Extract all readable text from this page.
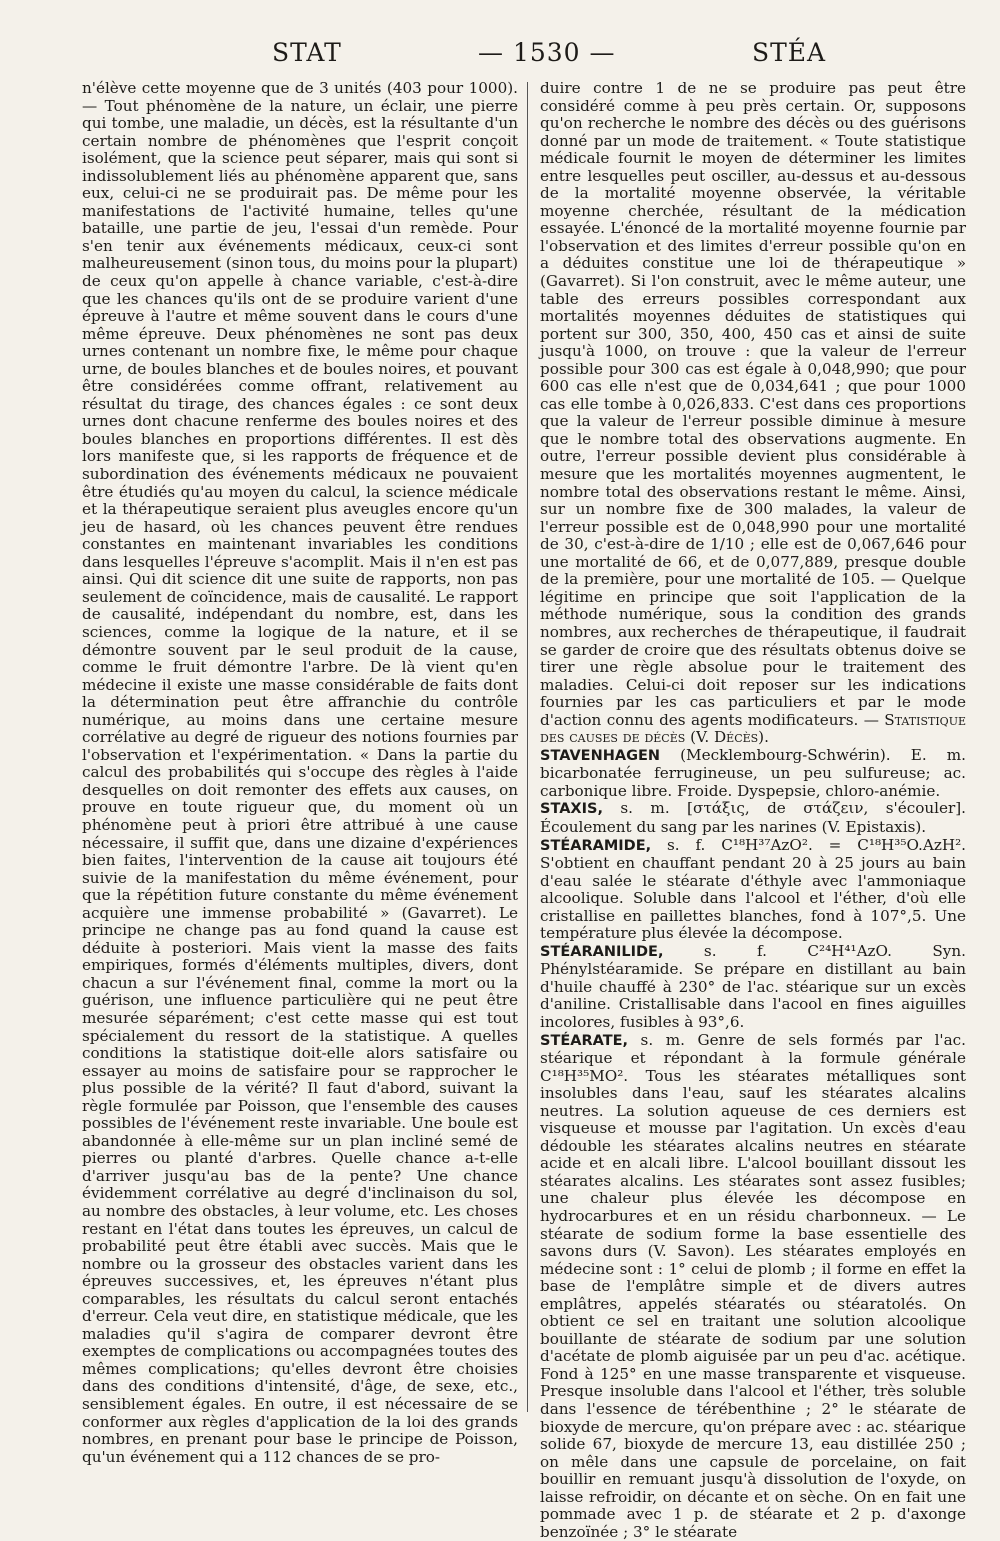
STAT	— 1530 —	STÉA

n'élève cette moyenne que de 3 unités (403 pour 1000). — Tout phénomène de la nature, un éclair, une pierre qui tombe, une maladie, un décès, est la résultante d'un certain nombre de phénomènes que l'esprit conçoit isolément, que la science peut séparer, mais qui sont si indissolublement liés au phénomène apparent que, sans eux, celui-ci ne se produirait pas. De même pour les manifestations de l'activité humaine, telles qu'une bataille, une partie de jeu, l'essai d'un remède. Pour s'en tenir aux événements médicaux, ceux-ci sont malheureusement (sinon tous, du moins pour la plupart) de ceux qu'on appelle à chance variable, c'est-à-dire que les chances qu'ils ont de se produire varient d'une épreuve à l'autre et même souvent dans le cours d'une même épreuve. Deux phénomènes ne sont pas deux urnes contenant un nombre fixe, le même pour chaque urne, de boules blanches et de boules noires, et pouvant être considérées comme offrant, relativement au résultat du tirage, des chances égales : ce sont deux urnes dont chacune renferme des boules noires et des boules blanches en proportions différentes. Il est dès lors manifeste que, si les rapports de fréquence et de subordination des événements médicaux ne pouvaient être étudiés qu'au moyen du calcul, la science médicale et la thérapeutique seraient plus aveugles encore qu'un jeu de hasard, où les chances peuvent être rendues constantes en maintenant invariables les conditions dans lesquelles l'épreuve s'acomplit. Mais il n'en est pas ainsi. Qui dit science dit une suite de rapports, non pas seulement de coïncidence, mais de causalité. Le rapport de causalité, indépendant du nombre, est, dans les sciences, comme la logique de la nature, et il se démontre souvent par le seul produit de la cause, comme le fruit démontre l'arbre. De là vient qu'en médecine il existe une masse considérable de faits dont la détermination peut être affranchie du contrôle numérique, au moins dans une certaine mesure corrélative au degré de rigueur des notions fournies par l'observation et l'expérimentation. « Dans la partie du calcul des probabilités qui s'occupe des règles à l'aide desquelles on doit remonter des effets aux causes, on prouve en toute rigueur que, du moment où un phénomène peut à priori être attribué à une cause nécessaire, il suffit que, dans une dizaine d'expériences bien faites, l'intervention de la cause ait toujours été suivie de la manifestation du même événement, pour que la répétition future constante du même événement acquière une immense probabilité » (Gavarret). Le principe ne change pas au fond quand la cause est déduite à posteriori. Mais vient la masse des faits empiriques, formés d'éléments multiples, divers, dont chacun a sur l'événement final, comme la mort ou la guérison, une influence particulière qui ne peut être mesurée séparément; c'est cette masse qui est tout spécialement du ressort de la statistique. A quelles conditions la statistique doit-elle alors satisfaire ou essayer au moins de satisfaire pour se rapprocher le plus possible de la vérité? Il faut d'abord, suivant la règle formulée par Poisson, que l'ensemble des causes possibles de l'événement reste invariable. Une boule est abandonnée à elle-même sur un plan incliné semé de pierres ou planté d'arbres. Quelle chance a-t-elle d'arriver jusqu'au bas de la pente? Une chance évidemment corrélative au degré d'inclinaison du sol, au nombre des obstacles, à leur volume, etc. Les choses restant en l'état dans toutes les épreuves, un calcul de probabilité peut être établi avec succès. Mais que le nombre ou la grosseur des obstacles varient dans les épreuves successives, et, les épreuves n'étant plus comparables, les résultats du calcul seront entachés d'erreur. Cela veut dire, en statistique médicale, que les maladies qu'il s'agira de comparer devront être exemptes de complications ou accompagnées toutes des mêmes complications; qu'elles devront être choisies dans des conditions d'intensité, d'âge, de sexe, etc., sensiblement égales. En outre, il est nécessaire de se conformer aux règles d'application de la loi des grands nombres, en prenant pour base le principe de Poisson, qu'un événement qui a 112 chances de se pro-

duire contre 1 de ne se produire pas peut être considéré comme à peu près certain. Or, supposons qu'on recherche le nombre des décès ou des guérisons donné par un mode de traitement. « Toute statistique médicale fournit le moyen de déterminer les limites entre lesquelles peut osciller, au-dessus et au-dessous de la mortalité moyenne observée, la véritable moyenne cherchée, résultant de la médication essayée. L'énoncé de la mortalité moyenne fournie par l'observation et des limites d'erreur possible qu'on en a déduites constitue une loi de thérapeutique » (Gavarret). Si l'on construit, avec le même auteur, une table des erreurs possibles correspondant aux mortalités moyennes déduites de statistiques qui portent sur 300, 350, 400, 450 cas et ainsi de suite jusqu'à 1000, on trouve : que la valeur de l'erreur possible pour 300 cas est égale à 0,048,990; que pour 600 cas elle n'est que de 0,034,641 ; que pour 1000 cas elle tombe à 0,026,833. C'est dans ces proportions que la valeur de l'erreur possible diminue à mesure que le nombre total des observations augmente. En outre, l'erreur possible devient plus considérable à mesure que les mortalités moyennes augmentent, le nombre total des observations restant le même. Ainsi, sur un nombre fixe de 300 malades, la valeur de l'erreur possible est de 0,048,990 pour une mortalité de 30, c'est-à-dire de 1/10 ; elle est de 0,067,646 pour une mortalité de 66, et de 0,077,889, presque double de la première, pour une mortalité de 105. — Quelque légitime en principe que soit l'application de la méthode numérique, sous la condition des grands nombres, aux recherches de thérapeutique, il faudrait se garder de croire que des résultats obtenus doive se tirer une règle absolue pour le traitement des maladies. Celui-ci doit reposer sur les indications fournies par les cas particuliers et par le mode d'action connu des agents modificateurs. — Statistique des causes de décès (V. Décès).

STAVENHAGEN (Mecklembourg-Schwérin). E. m. bicarbonatée ferrugineuse, un peu sulfureuse; ac. carbonique libre. Froide. Dyspepsie, chloro-anémie.

STAXIS, s. m. [στάξις, de στάζειν, s'écouler]. Écoulement du sang par les narines (V. Epistaxis).

STÉARAMIDE, s. f. C¹⁸H³⁷AzO². = C¹⁸H³⁵O.AzH². S'obtient en chauffant pendant 20 à 25 jours au bain d'eau salée le stéarate d'éthyle avec l'ammoniaque alcoolique. Soluble dans l'alcool et l'éther, d'où elle cristallise en paillettes blanches, fond à 107°,5. Une température plus élevée la décompose.

STÉARANILIDE, s. f. C²⁴H⁴¹AzO. Syn. Phénylstéaramide. Se prépare en distillant au bain d'huile chauffé à 230° de l'ac. stéarique sur un excès d'aniline. Cristallisable dans l'acool en fines aiguilles incolores, fusibles à 93°,6.

STÉARATE, s. m. Genre de sels formés par l'ac. stéarique et répondant à la formule générale C¹⁸H³⁵MO². Tous les stéarates métalliques sont insolubles dans l'eau, sauf les stéarates alcalins neutres. La solution aqueuse de ces derniers est visqueuse et mousse par l'agitation. Un excès d'eau dédouble les stéarates alcalins neutres en stéarate acide et en alcali libre. L'alcool bouillant dissout les stéarates alcalins. Les stéarates sont assez fusibles; une chaleur plus élevée les décompose en hydrocarbures et en un résidu charbonneux. — Le stéarate de sodium forme la base essentielle des savons durs (V. Savon). Les stéarates employés en médecine sont : 1° celui de plomb ; il forme en effet la base de l'emplâtre simple et de divers autres emplâtres, appelés stéaratés ou stéaratolés. On obtient ce sel en traitant une solution alcoolique bouillante de stéarate de sodium par une solution d'acétate de plomb aiguisée par un peu d'ac. acétique. Fond à 125° en une masse transparente et visqueuse. Presque insoluble dans l'alcool et l'éther, très soluble dans l'essence de térébenthine ; 2° le stéarate de bioxyde de mercure, qu'on prépare avec : ac. stéarique solide 67, bioxyde de mercure 13, eau distillée 250 ; on mêle dans une capsule de porcelaine, on fait bouillir en remuant jusqu'à dissolution de l'oxyde, on laisse refroidir, on décante et on sèche. On en fait une pommade avec 1 p. de stéarate et 2 p. d'axonge benzoïnée ; 3° le stéarate
